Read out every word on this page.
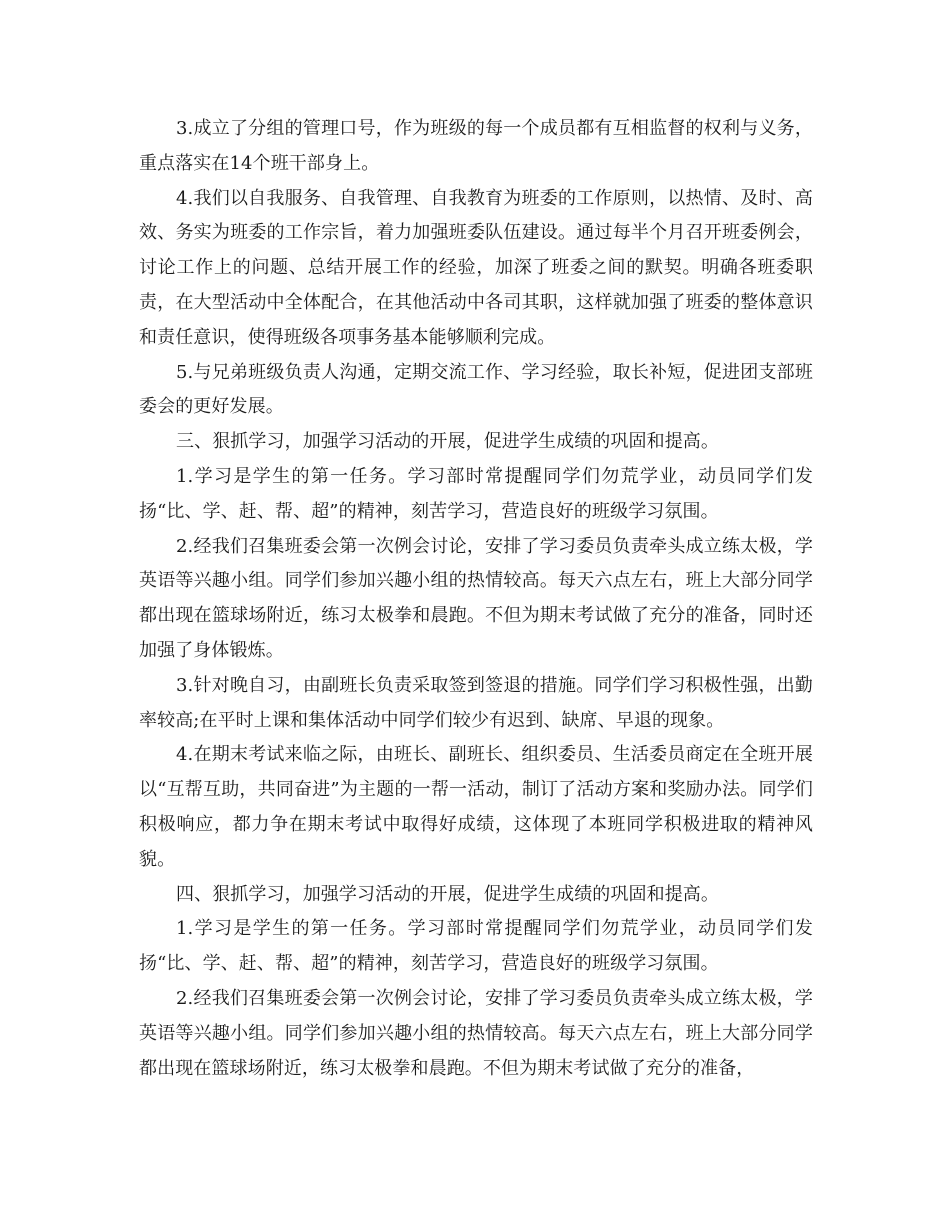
3.成立了分组的管理口号，作为班级的每一个成员都有互相监督的权利与义务，重点落实在14个班干部身上。

4.我们以自我服务、自我管理、自我教育为班委的工作原则，以热情、及时、高效、务实为班委的工作宗旨，着力加强班委队伍建设。通过每半个月召开班委例会，讨论工作上的问题、总结开展工作的经验，加深了班委之间的默契。明确各班委职责，在大型活动中全体配合，在其他活动中各司其职，这样就加强了班委的整体意识和责任意识，使得班级各项事务基本能够顺利完成。

5.与兄弟班级负责人沟通，定期交流工作、学习经验，取长补短，促进团支部班委会的更好发展。

三、狠抓学习，加强学习活动的开展，促进学生成绩的巩固和提高。

1.学习是学生的第一任务。学习部时常提醒同学们勿荒学业，动员同学们发扬“比、学、赶、帮、超”的精神，刻苦学习，营造良好的班级学习氛围。

2.经我们召集班委会第一次例会讨论，安排了学习委员负责牵头成立练太极，学英语等兴趣小组。同学们参加兴趣小组的热情较高。每天六点左右，班上大部分同学都出现在篮球场附近，练习太极拳和晨跑。不但为期末考试做了充分的准备，同时还加强了身体锻炼。

3.针对晚自习，由副班长负责采取签到签退的措施。同学们学习积极性强，出勤率较高;在平时上课和集体活动中同学们较少有迟到、缺席、早退的现象。

4.在期末考试来临之际，由班长、副班长、组织委员、生活委员商定在全班开展以“互帮互助，共同奋进”为主题的一帮一活动，制订了活动方案和奖励办法。同学们积极响应，都力争在期末考试中取得好成绩，这体现了本班同学积极进取的精神风貌。

四、狠抓学习，加强学习活动的开展，促进学生成绩的巩固和提高。

1.学习是学生的第一任务。学习部时常提醒同学们勿荒学业，动员同学们发扬“比、学、赶、帮、超”的精神，刻苦学习，营造良好的班级学习氛围。

2.经我们召集班委会第一次例会讨论，安排了学习委员负责牵头成立练太极，学英语等兴趣小组。同学们参加兴趣小组的热情较高。每天六点左右，班上大部分同学都出现在篮球场附近，练习太极拳和晨跑。不但为期末考试做了充分的准备，
